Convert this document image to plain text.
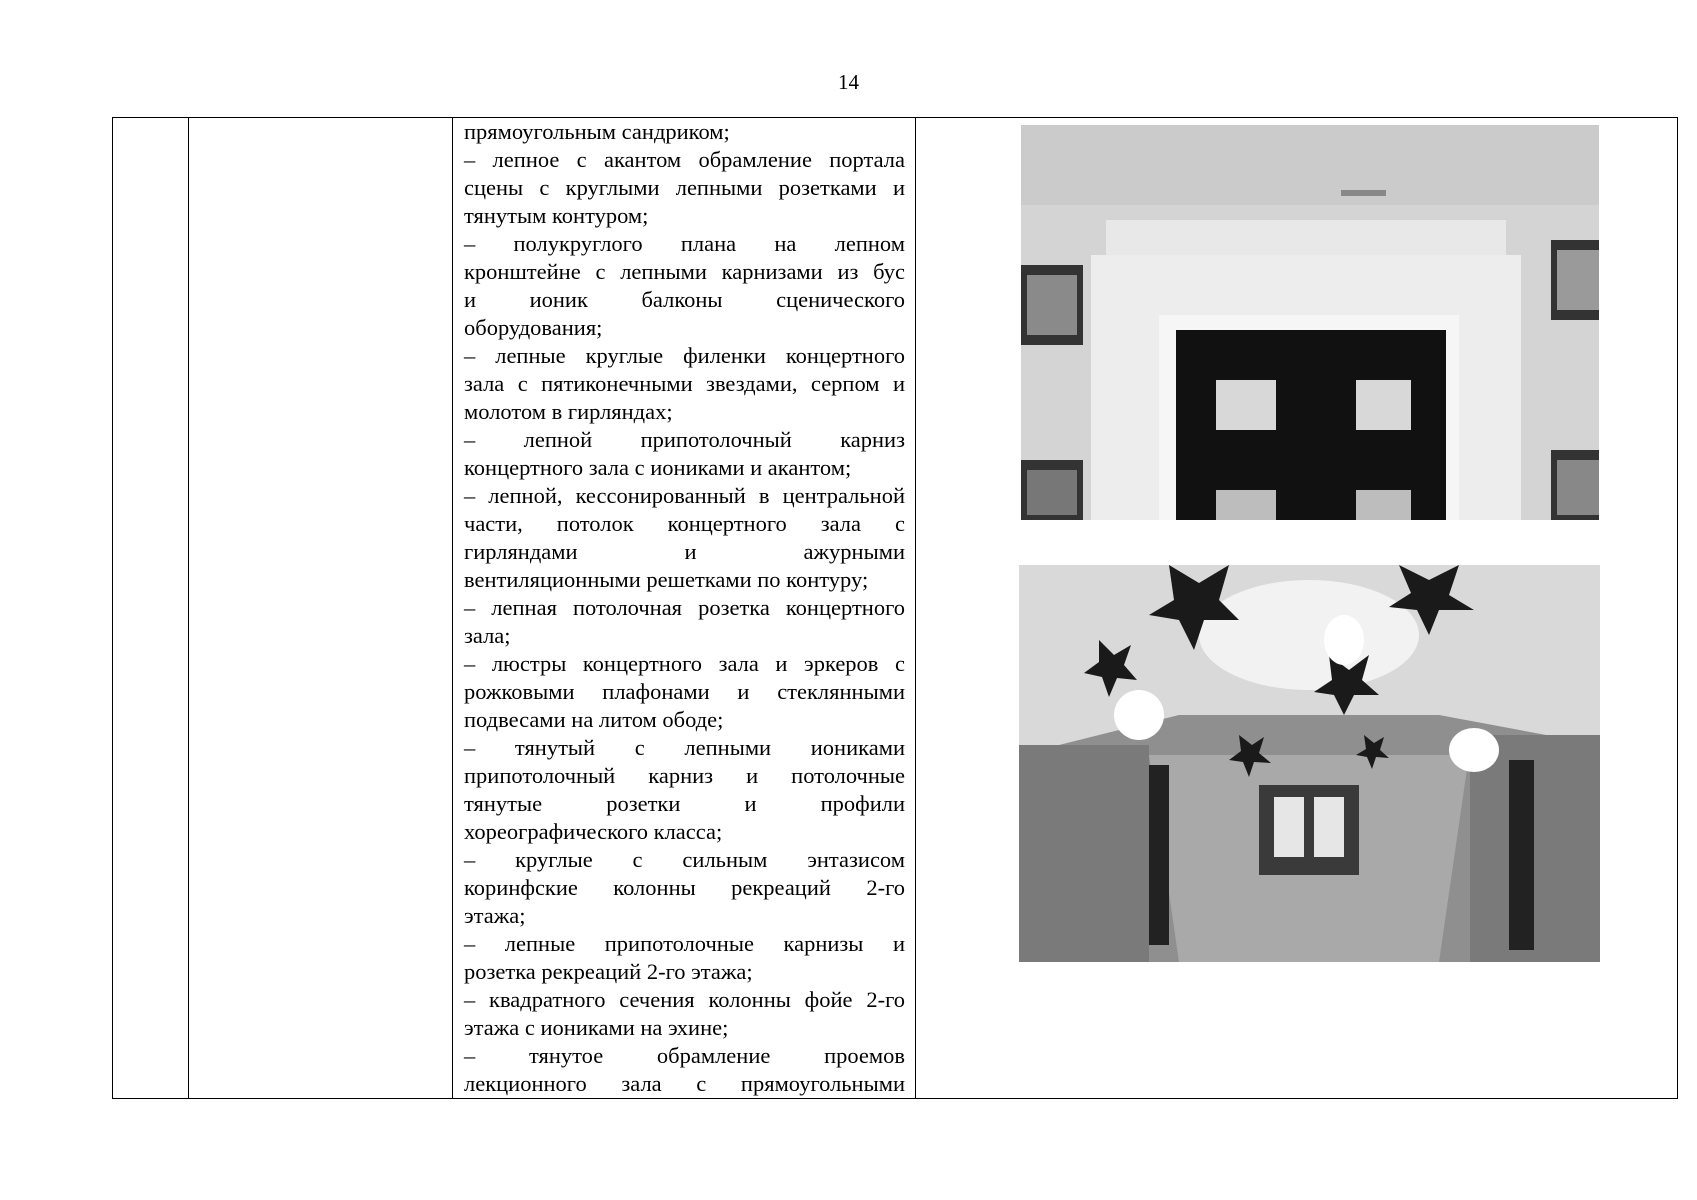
14

прямоугольным сандриком;

– лепное с акантом обрамление портала

сцены с круглыми лепными розетками и

тянутым контуром;

– полукруглого плана на лепном

кронштейне с лепными карнизами из бус

и ионик балконы сценического

оборудования;

– лепные круглые филенки концертного

зала с пятиконечными звездами, серпом и

молотом в гирляндах;

– лепной припотолочный карниз

концертного зала с иониками и акантом;

– лепной, кессонированный в центральной

части, потолок концертного зала с

гирляндами и ажурными

вентиляционными решетками по контуру;

– лепная потолочная розетка концертного

зала;

– люстры концертного зала и эркеров с

рожковыми плафонами и стеклянными

подвесами на литом ободе;

– тянутый с лепными иониками

припотолочный карниз и потолочные

тянутые розетки и профили

хореографического класса;

– круглые с сильным энтазисом

коринфские колонны рекреаций 2-го

этажа;

– лепные припотолочные карнизы и

розетка рекреаций 2-го этажа;

– квадратного сечения колонны фойе 2-го

этажа с иониками на эхине;

– тянутое обрамление проемов

лекционного зала с прямоугольными
